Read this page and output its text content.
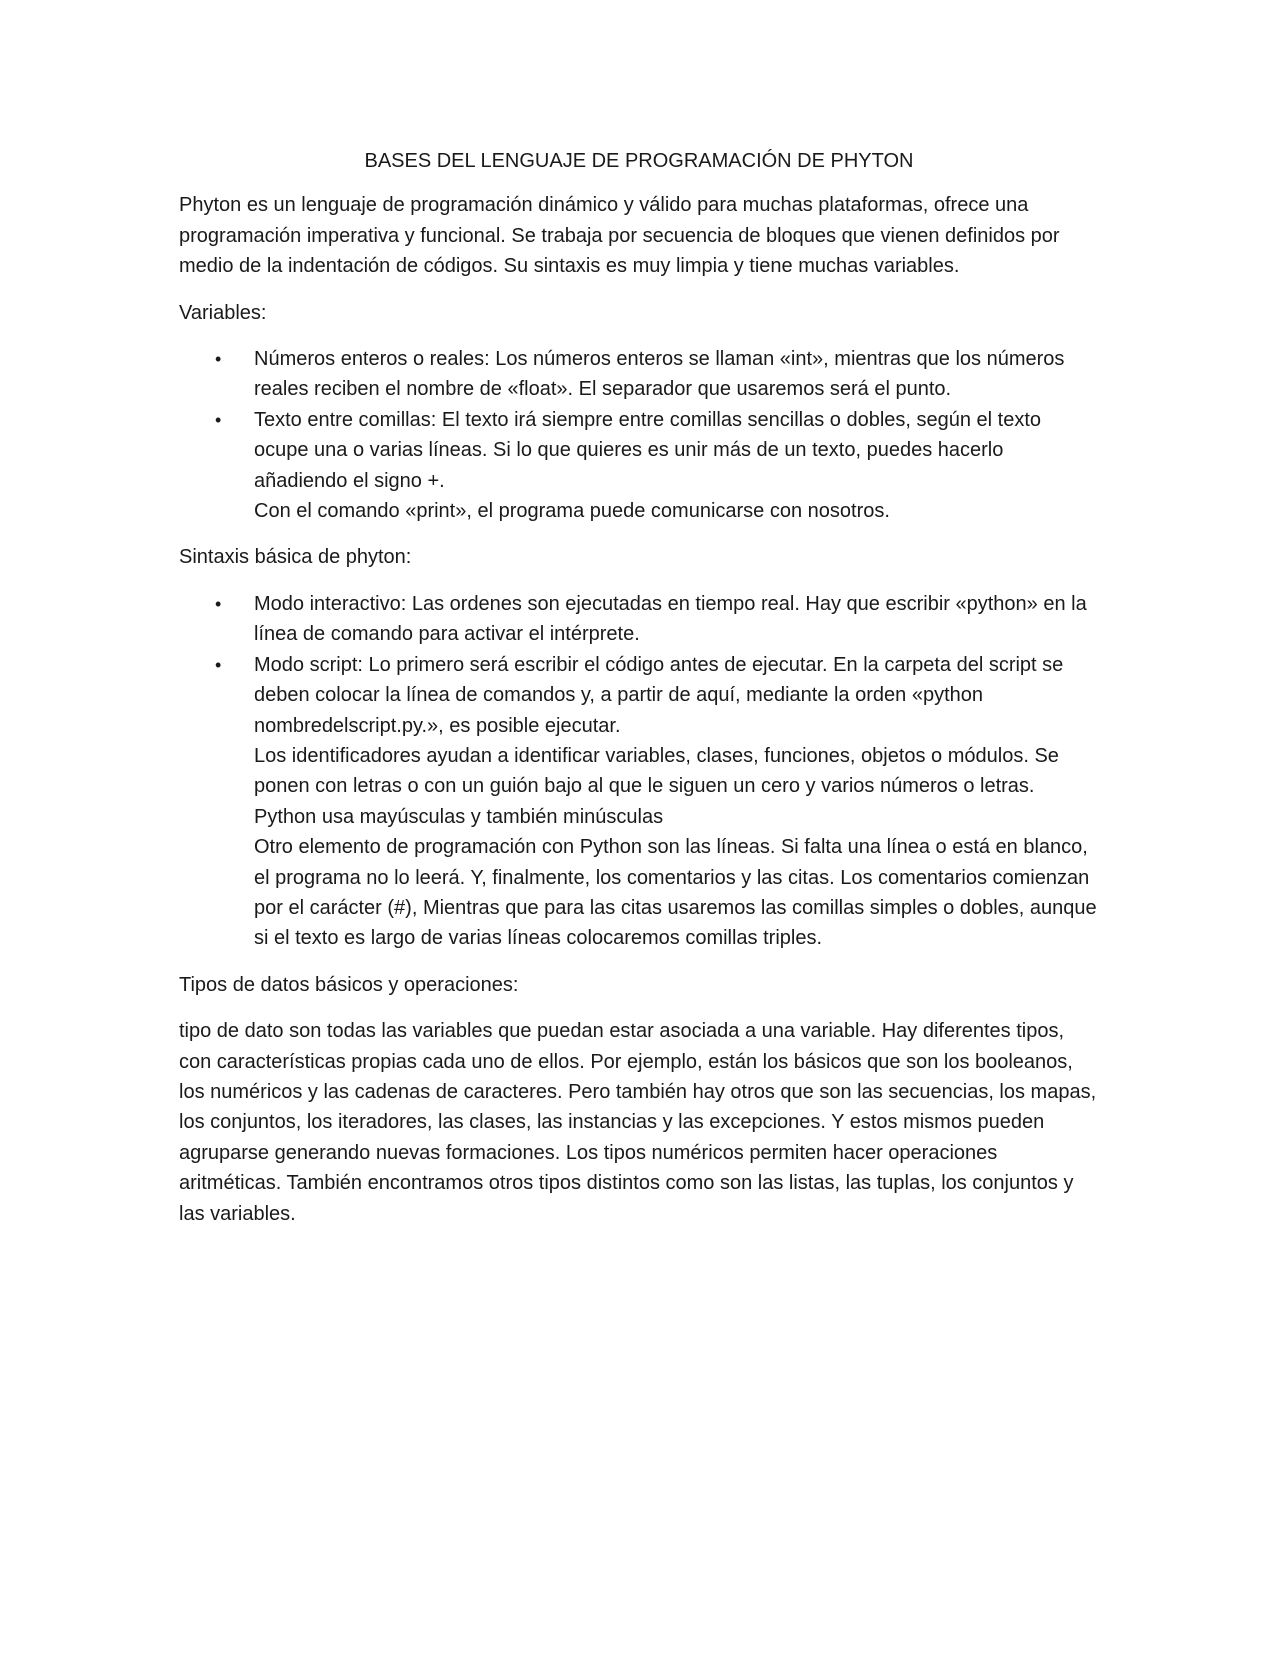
BASES DEL LENGUAJE DE PROGRAMACIÓN DE PHYTON

Phyton es un lenguaje de programación dinámico y válido para muchas plataformas, ofrece una programación imperativa y funcional. Se trabaja por secuencia de bloques que vienen definidos por medio de la indentación de códigos. Su sintaxis es muy limpia y tiene muchas variables.

Variables:

• Números enteros o reales: Los números enteros se llaman «int», mientras que los números reales reciben el nombre de «float». El separador que usaremos será el punto.
• Texto entre comillas: El texto irá siempre entre comillas sencillas o dobles, según el texto ocupe una o varias líneas. Si lo que quieres es unir más de un texto, puedes hacerlo añadiendo el signo +.
Con el comando «print», el programa puede comunicarse con nosotros.

Sintaxis básica de phyton:

• Modo interactivo: Las ordenes son ejecutadas en tiempo real. Hay que escribir «python» en la línea de comando para activar el intérprete.
• Modo script: Lo primero será escribir el código antes de ejecutar. En la carpeta del script se deben colocar la línea de comandos y, a partir de aquí, mediante la orden «python nombredelscript.py.», es posible ejecutar.
Los identificadores ayudan a identificar variables, clases, funciones, objetos o módulos. Se ponen con letras o con un guión bajo al que le siguen un cero y varios números o letras.
Python usa mayúsculas y también minúsculas
Otro elemento de programación con Python son las líneas. Si falta una línea o está en blanco, el programa no lo leerá. Y, finalmente, los comentarios y las citas. Los comentarios comienzan por el carácter (#), Mientras que para las citas usaremos las comillas simples o dobles, aunque si el texto es largo de varias líneas colocaremos comillas triples.

Tipos de datos básicos y operaciones:

tipo de dato son todas las variables que puedan estar asociada a una variable. Hay diferentes tipos, con características propias cada uno de ellos. Por ejemplo, están los básicos que son los booleanos, los numéricos y las cadenas de caracteres. Pero también hay otros que son las secuencias, los mapas, los conjuntos, los iteradores, las clases, las instancias y las excepciones. Y estos mismos pueden agruparse generando nuevas formaciones. Los tipos numéricos permiten hacer operaciones aritméticas. También encontramos otros tipos distintos como son las listas, las tuplas, los conjuntos y las variables.
